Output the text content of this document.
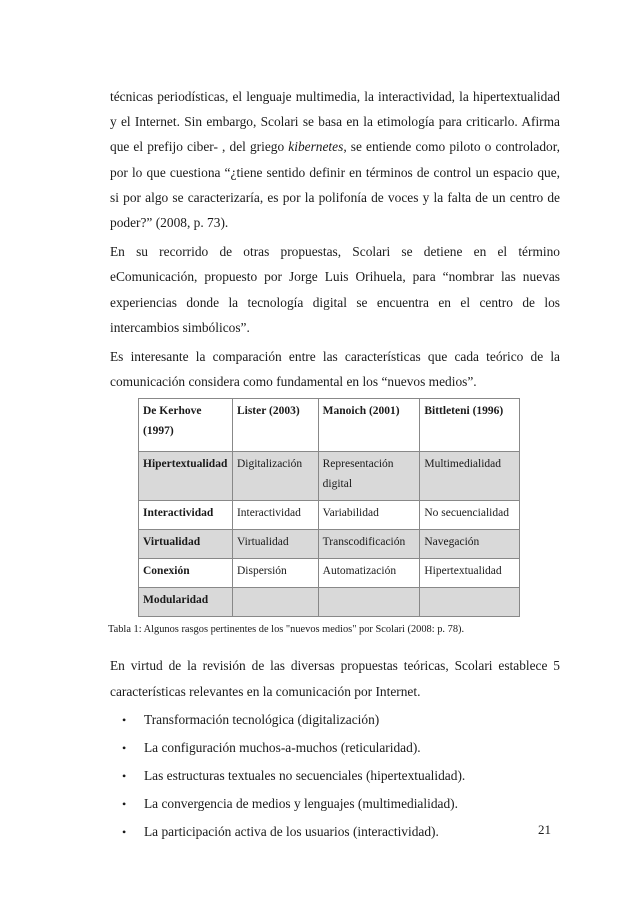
técnicas periodísticas, el lenguaje multimedia, la interactividad, la hipertextualidad y el Internet. Sin embargo, Scolari se basa en la etimología para criticarlo. Afirma que el prefijo ciber- , del griego kibernetes, se entiende como piloto o controlador, por lo que cuestiona “¿tiene sentido definir en términos de control un espacio que, si por algo se caracterizaría, es por la polifonía de voces y la falta de un centro de poder?” (2008, p. 73).

En su recorrido de otras propuestas, Scolari se detiene en el término eComunicación, propuesto por Jorge Luis Orihuela, para “nombrar las nuevas experiencias donde la tecnología digital se encuentra en el centro de los intercambios simbólicos”.

Es interesante la comparación entre las características que cada teórico de la comunicación considera como fundamental en los “nuevos medios”.

De Kerhove (1997)	Lister (2003)	Manoich (2001)	Bittleteni (1996)
Hipertextualidad	Digitalización	Representación digital	Multimedialidad
Interactividad	Interactividad	Variabilidad	No secuencialidad
Virtualidad	Virtualidad	Transcodificación	Navegación
Conexión	Dispersión	Automatización	Hipertextualidad
Modularidad			
Tabla 1: Algunos rasgos pertinentes de los "nuevos medios" por Scolari (2008: p. 78).

En virtud de la revisión de las diversas propuestas teóricas, Scolari establece 5 características relevantes en la comunicación por Internet.

• Transformación tecnológica (digitalización)
• La configuración muchos-a-muchos (reticularidad).
• Las estructuras textuales no secuenciales (hipertextualidad).
• La convergencia de medios y lenguajes (multimedialidad).
• La participación activa de los usuarios (interactividad).	21
